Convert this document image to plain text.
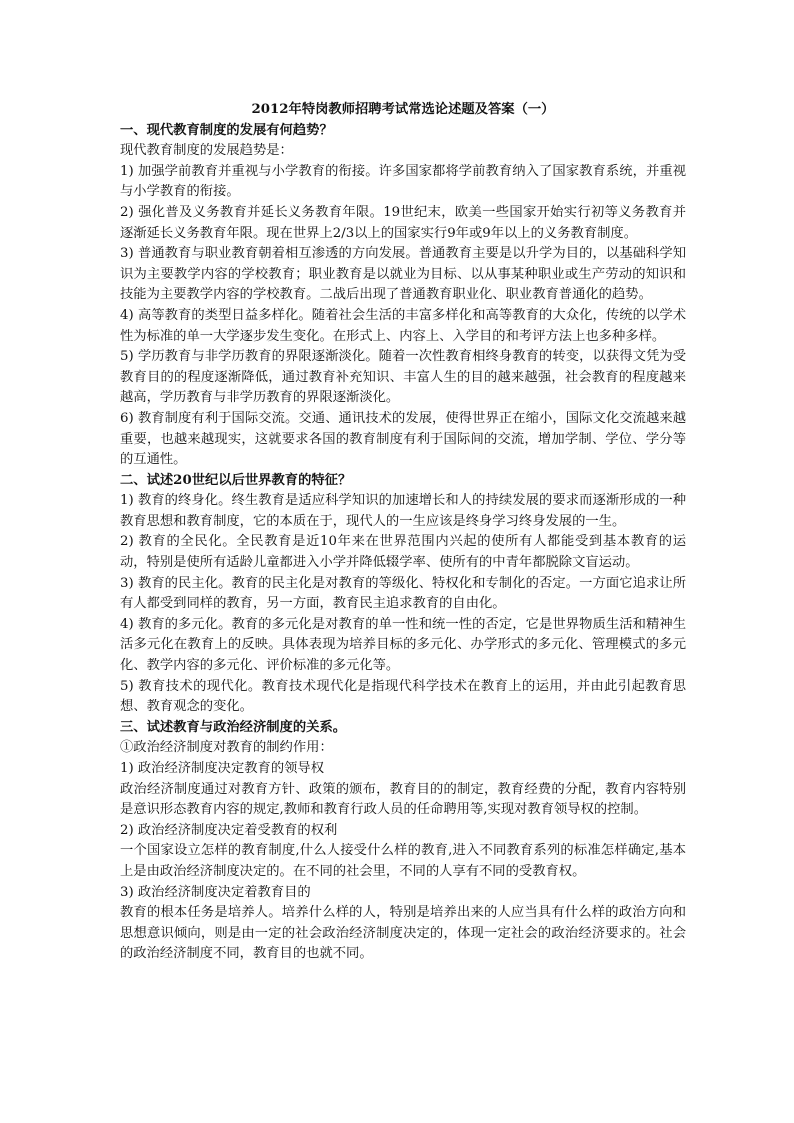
2012年特岗教师招聘考试常选论述题及答案（一）

一、现代教育制度的发展有何趋势？

现代教育制度的发展趋势是：

1) 加强学前教育并重视与小学教育的衔接。许多国家都将学前教育纳入了国家教育系统，并重视与小学教育的衔接。

2) 强化普及义务教育并延长义务教育年限。19世纪末，欧美一些国家开始实行初等义务教育并逐渐延长义务教育年限。现在世界上2/3以上的国家实行9年或9年以上的义务教育制度。

3) 普通教育与职业教育朝着相互渗透的方向发展。普通教育主要是以升学为目的，以基础科学知识为主要教学内容的学校教育；职业教育是以就业为目标、以从事某种职业或生产劳动的知识和技能为主要教学内容的学校教育。二战后出现了普通教育职业化、职业教育普通化的趋势。

4) 高等教育的类型日益多样化。随着社会生活的丰富多样化和高等教育的大众化，传统的以学术性为标准的单一大学逐步发生变化。在形式上、内容上、入学目的和考评方法上也多种多样。

5) 学历教育与非学历教育的界限逐渐淡化。随着一次性教育相终身教育的转变，以获得文凭为受教育目的的程度逐渐降低，通过教育补充知识、丰富人生的目的越来越强，社会教育的程度越来越高，学历教育与非学历教育的界限逐渐淡化。

6) 教育制度有利于国际交流。交通、通讯技术的发展，使得世界正在缩小，国际文化交流越来越重要，也越来越现实，这就要求各国的教育制度有利于国际间的交流，增加学制、学位、学分等的互通性。

二、试述20世纪以后世界教育的特征？

1) 教育的终身化。终生教育是适应科学知识的加速增长和人的持续发展的要求而逐渐形成的一种教育思想和教育制度，它的本质在于，现代人的一生应该是终身学习终身发展的一生。

2) 教育的全民化。全民教育是近10年来在世界范围内兴起的使所有人都能受到基本教育的运动，特别是使所有适龄儿童都进入小学并降低辍学率、使所有的中青年都脱除文盲运动。

3) 教育的民主化。教育的民主化是对教育的等级化、特权化和专制化的否定。一方面它追求让所有人都受到同样的教育，另一方面，教育民主追求教育的自由化。

4) 教育的多元化。教育的多元化是对教育的单一性和统一性的否定，它是世界物质生活和精神生活多元化在教育上的反映。具体表现为培养目标的多元化、办学形式的多元化、管理模式的多元化、教学内容的多元化、评价标准的多元化等。

5) 教育技术的现代化。教育技术现代化是指现代科学技术在教育上的运用，并由此引起教育思想、教育观念的变化。

三、试述教育与政治经济制度的关系。

①政治经济制度对教育的制约作用：

1) 政治经济制度决定教育的领导权

政治经济制度通过对教育方针、政策的颁布，教育目的的制定，教育经费的分配，教育内容特别是意识形态教育内容的规定,教师和教育行政人员的任命聘用等,实现对教育领导权的控制。

2) 政治经济制度决定着受教育的权利

一个国家设立怎样的教育制度,什么人接受什么样的教育,进入不同教育系列的标准怎样确定,基本上是由政治经济制度决定的。在不同的社会里，不同的人享有不同的受教育权。

3) 政治经济制度决定着教育目的

教育的根本任务是培养人。培养什么样的人，特别是培养出来的人应当具有什么样的政治方向和思想意识倾向，则是由一定的社会政治经济制度决定的，体现一定社会的政治经济要求的。社会的政治经济制度不同，教育目的也就不同。
